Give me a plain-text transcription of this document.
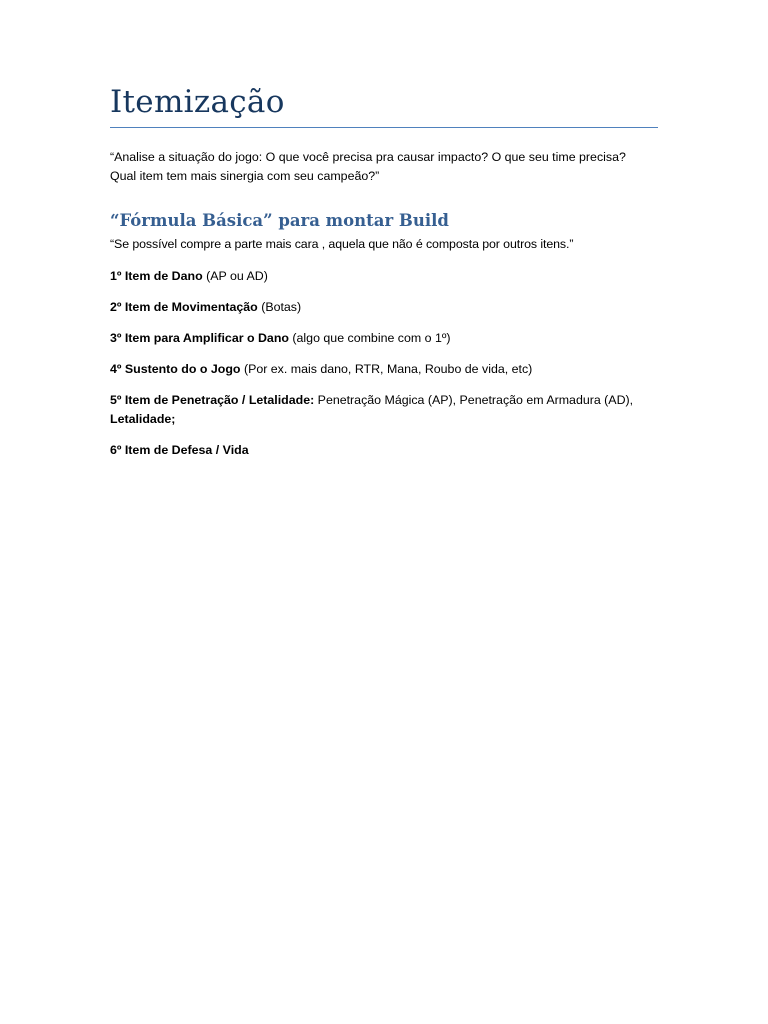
Itemização
“Analise a situação do jogo: O que você precisa pra causar impacto? O que seu time precisa?
Qual item tem mais sinergia com seu campeão?”
“Fórmula Básica” para montar Build
“Se possível compre a parte mais cara , aquela que não é composta por outros itens.”
1º Item de Dano (AP ou AD)
2º Item de Movimentação (Botas)
3º Item para Amplificar o Dano (algo que combine com o 1º)
4º Sustento do o Jogo (Por ex. mais dano, RTR, Mana, Roubo de vida, etc)
5º Item de Penetração / Letalidade: Penetração Mágica (AP), Penetração em Armadura (AD),
Letalidade;
6º Item de Defesa / Vida
